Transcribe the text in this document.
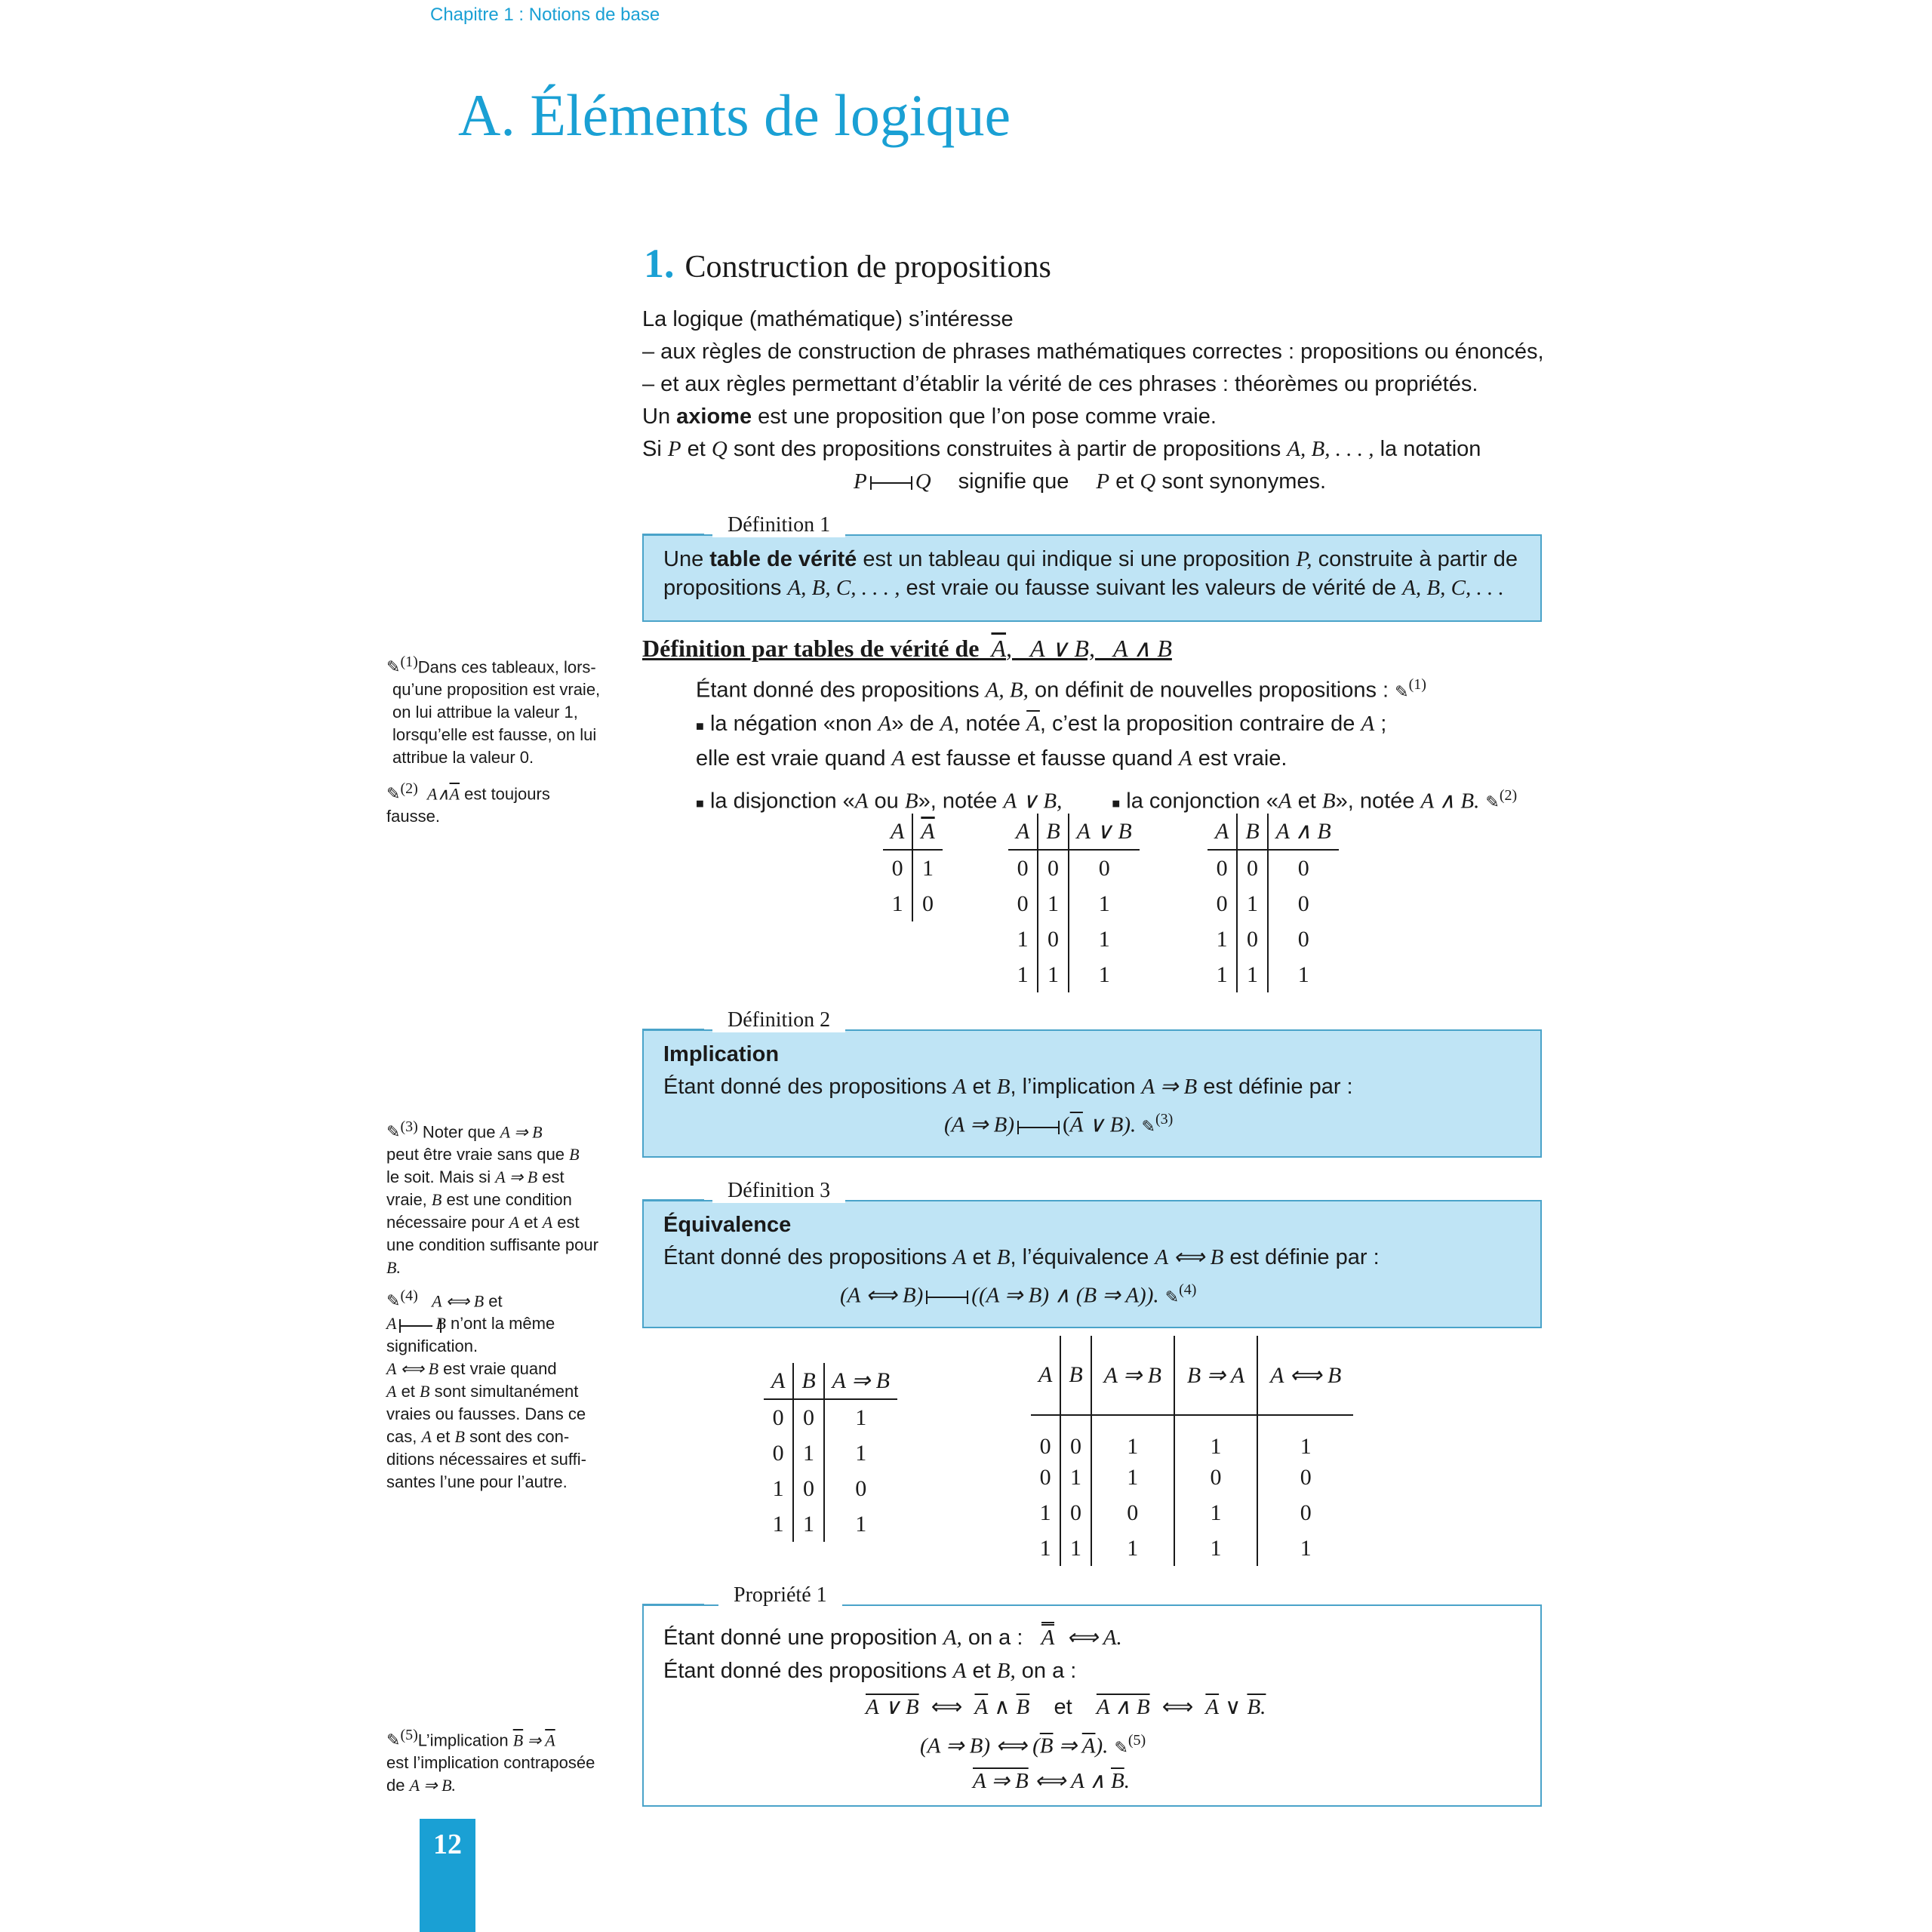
Chapitre 1 : Notions de base
A. Éléments de logique
1. Construction de propositions
La logique (mathématique) s’intéresse
– aux règles de construction de phrases mathématiques correctes : propositions ou énoncés,
– et aux règles permettant d’établir la vérité de ces phrases : théorèmes ou propriétés.
Un axiome est une proposition que l’on pose comme vraie.
Si P et Q sont des propositions construites à partir de propositions A, B, . . . , la notation
P Q signifie que P et Q sont synonymes.
Une table de vérité est un tableau qui indique si une proposition P, construite à partir de
propositions A, B, C, . . . , est vraie ou fausse suivant les valeurs de vérité de A, B, C, . . .
Définition 1
Définition par tables de vérité de A,   A ∨ B, A ∧ B
Étant donné des propositions A, B, on définit de nouvelles propositions : ✎$^{(1)}$
■ la négation «non A» de A, notée $\overline{A}$, c’est la proposition contraire de A ;
elle est vraie quand A est fausse et fausse quand A est vraie.
■ la disjonction «A ou B», notée A ∨ B,	■ la conjonction «A et B», notée A ∧ B. ✎$^{(2)}$
A	$\overline{A}$
0	1
1	0
A	B	A ∨ B
0	0	0
0	1	1
1	0	1
1	1	1
A	B	A ∧ B
0	0	0
0	1	0
1	0	0
1	1	1
Implication
Étant donné des propositions A et B, l’implication A ⇒ B est définie par :
(A ⇒ B) ($\overline{A}$ ∨ B). ✎$^{(3)}$
Définition 2
Équivalence
Étant donné des propositions A et B, l’équivalence A ⟺ B est définie par :
(A ⟺ B) ((A ⇒ B) ∧ (B ⇒ A)). ✎$^{(4)}$
Définition 3
A	B	A ⇒ B
0	0	1
0	1	1
1	0	0
1	1	1
A	B	A ⇒ B	B ⇒ A	A ⟺ B
0	0	1	1	1
0	1	1	0	0
1	0	0	1	0
1	1	1	1	1
Étant donné une proposition A, on a : A ⟺ A.
Étant donné des propositions A et B, on a :
A ∨ B ⟺ $\overline{A}$ ∧ $\overline{B}$ et A ∧ B ⟺ $\overline{A}$ ∨ B.
(A ⇒ B) ⟺ ($\overline{B}$ ⇒ $\overline{A}$). ✎$^{(5)}$
A ⇒ B ⟺ A ∧ $\overline{B}$.
Propriété 1
✎(1)Dans ces tableaux, lors-
qu’une proposition est vraie,
on lui attribue la valeur 1,
lorsqu’elle est fausse, on lui
attribue la valeur 0.
✎(2) $A\wedge\overline{A}$ est toujours
fausse.
✎(3) Noter que A ⇒ B
peut être vraie sans que B
le soit. Mais si A ⇒ B est
vraie, B est une condition
nécessaire pour A et A est
une condition suffisante pour
B.
✎(4) A ⟺ B et
A B n’ont la même
signification.
A ⟺ B est vraie quand
A et B sont simultanément
vraies ou fausses. Dans ce
cas, A et B sont des con-
ditions nécessaires et suffi-
santes l’une pour l’autre.
✎(5)L’implication $\overline{B}$ ⇒ $\overline{A}$
est l’implication contraposée
de A ⇒ B.
12
